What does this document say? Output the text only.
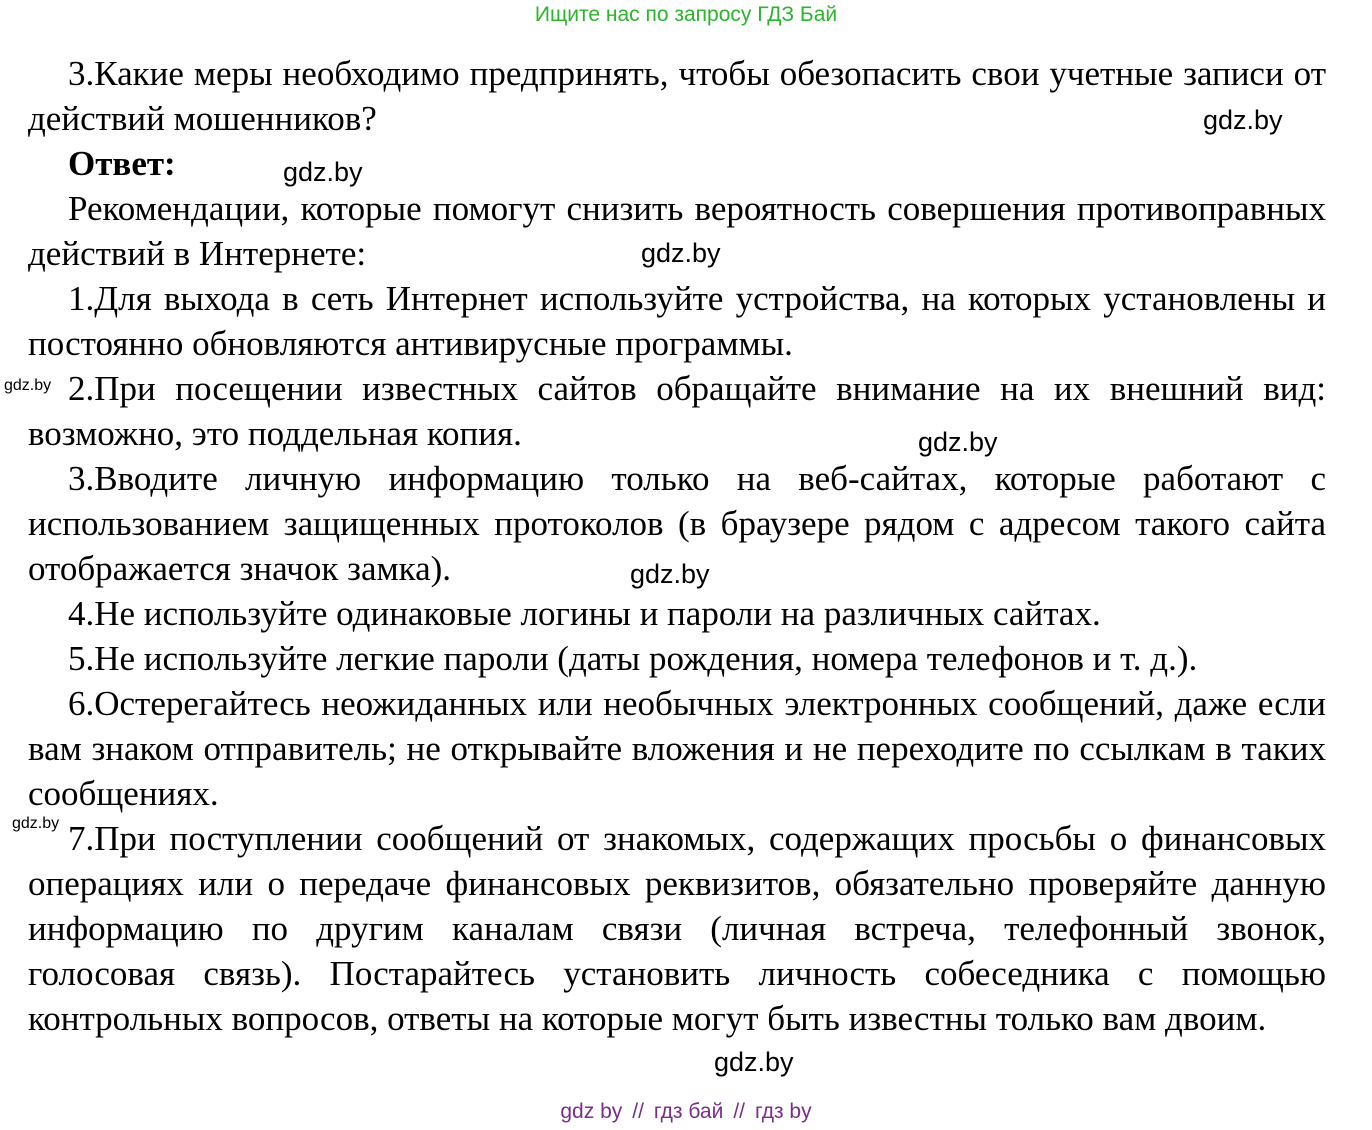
Ищите нас по запросу ГДЗ Бай

3.Какие меры необходимо предпринять, чтобы обезопасить свои учетные записи от действий мошенников?

Ответ:

Рекомендации, которые помогут снизить вероятность совершения противоправных действий в Интернете:

1.Для выхода в сеть Интернет используйте устройства, на которых установлены и постоянно обновляются антивирусные программы.

2.При посещении известных сайтов обращайте внимание на их внешний вид: возможно, это поддельная копия.

3.Вводите личную информацию только на веб-сайтах, которые работают с использованием защищенных протоколов (в браузере рядом с адресом такого сайта отображается значок замка).

4.Не используйте одинаковые логины и пароли на различных сайтах.

5.Не используйте легкие пароли (даты рождения, номера телефонов и т. д.).

6.Остерегайтесь неожиданных или необычных электронных сообщений, даже если вам знаком отправитель; не открывайте вложения и не переходите по ссылкам в таких сообщениях.

7.При поступлении сообщений от знакомых, содержащих просьбы о финансовых операциях или о передаче финансовых реквизитов, обязательно проверяйте данную информацию по другим каналам связи (личная встреча, телефонный звонок, голосовая связь). Постарайтесь установить личность собеседника с помощью контрольных вопросов, ответы на которые могут быть известны только вам двоим.

gdz.by
gdz.by
gdz.by
gdz.by
gdz.by
gdz.by
gdz.by
gdz.by
gdz by // гдз бай // гдз by
